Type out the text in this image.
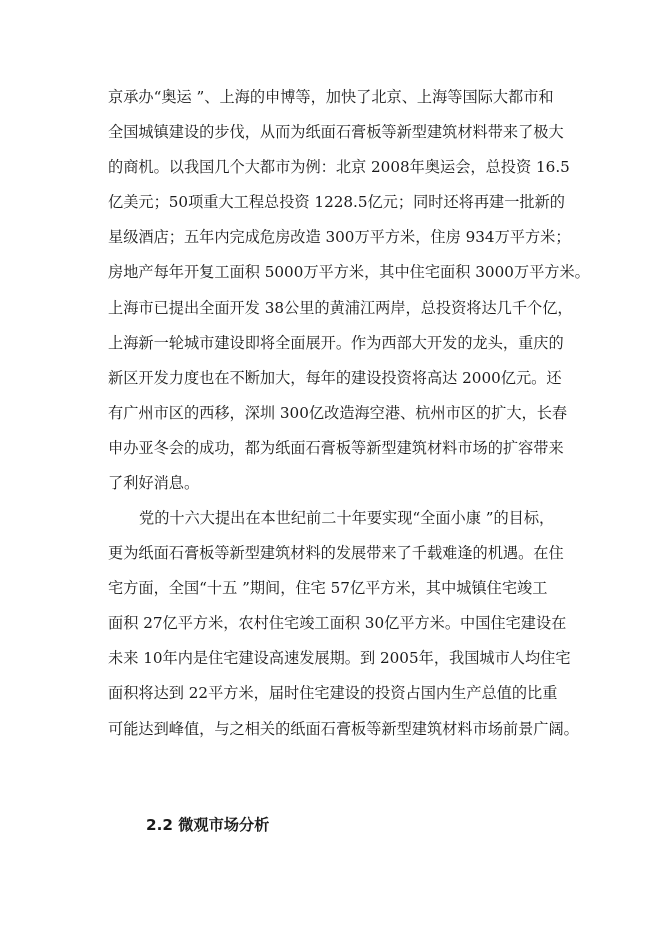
京承办“奥运 ”、上海的申博等，加快了北京、上海等国际大都市和
全国城镇建设的步伐，从而为纸面石膏板等新型建筑材料带来了极大
的商机。以我国几个大都市为例：北京 2008年奥运会，总投资 16.5
亿美元；50项重大工程总投资 1228.5亿元；同时还将再建一批新的
星级酒店；五年内完成危房改造 300万平方米，住房 934万平方米；
房地产每年开复工面积 5000万平方米，其中住宅面积 3000万平方米。
上海市已提出全面开发 38公里的黄浦江两岸，总投资将达几千个亿，
上海新一轮城市建设即将全面展开。作为西部大开发的龙头，重庆的
新区开发力度也在不断加大，每年的建设投资将高达 2000亿元。还
有广州市区的西移，深圳 300亿改造海空港、杭州市区的扩大，长春
申办亚冬会的成功，都为纸面石膏板等新型建筑材料市场的扩容带来
了利好消息。
党的十六大提出在本世纪前二十年要实现“全面小康 ”的目标，
更为纸面石膏板等新型建筑材料的发展带来了千载难逢的机遇。在住
宅方面，全国“十五 ”期间，住宅 57亿平方米，其中城镇住宅竣工
面积 27亿平方米，农村住宅竣工面积 30亿平方米。中国住宅建设在
未来 10年内是住宅建设高速发展期。到 2005年，我国城市人均住宅
面积将达到 22平方米，届时住宅建设的投资占国内生产总值的比重
可能达到峰值，与之相关的纸面石膏板等新型建筑材料市场前景广阔。
2.2 微观市场分析
